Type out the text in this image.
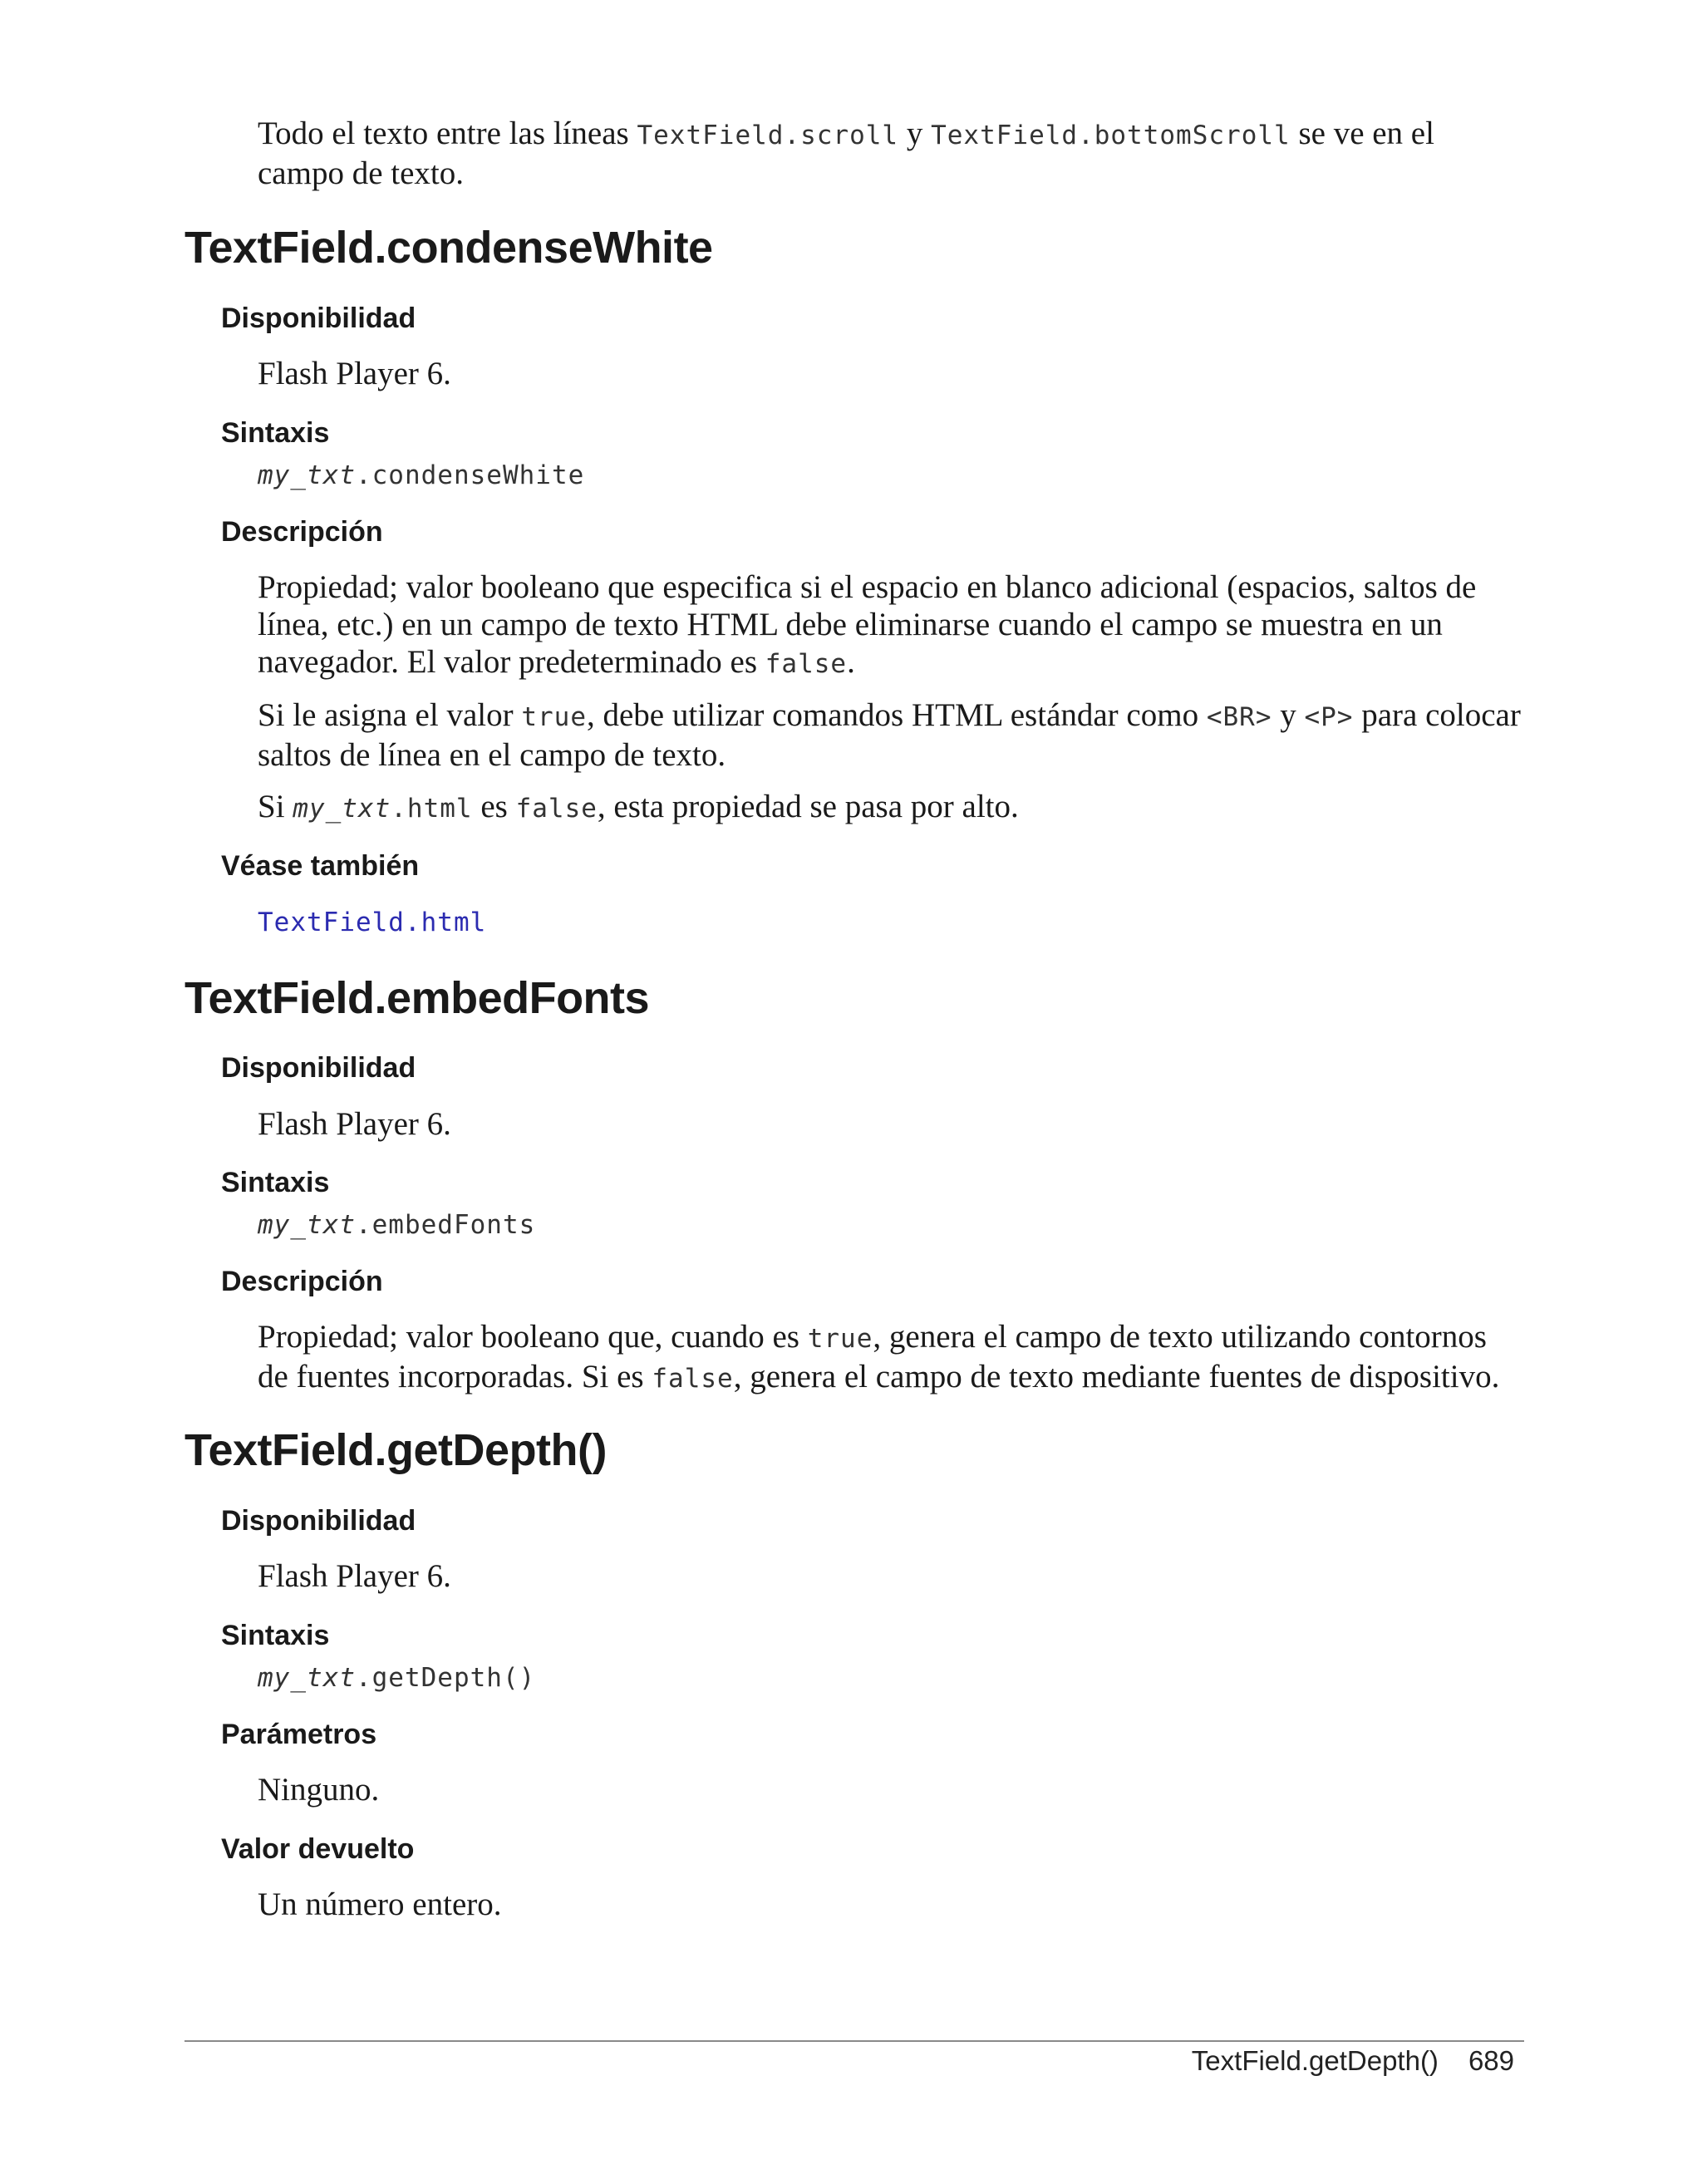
Todo el texto entre las líneas TextField.scroll y TextField.bottomScroll se ve en el campo de texto.
TextField.condenseWhite
Disponibilidad
Flash Player 6.
Sintaxis
my_txt.condenseWhite
Descripción
Propiedad; valor booleano que especifica si el espacio en blanco adicional (espacios, saltos de línea, etc.) en un campo de texto HTML debe eliminarse cuando el campo se muestra en un navegador. El valor predeterminado es false.
Si le asigna el valor true, debe utilizar comandos HTML estándar como <BR> y <P> para colocar saltos de línea en el campo de texto.
Si my_txt.html es false, esta propiedad se pasa por alto.
Véase también
TextField.html
TextField.embedFonts
Disponibilidad
Flash Player 6.
Sintaxis
my_txt.embedFonts
Descripción
Propiedad; valor booleano que, cuando es true, genera el campo de texto utilizando contornos de fuentes incorporadas. Si es false, genera el campo de texto mediante fuentes de dispositivo.
TextField.getDepth()
Disponibilidad
Flash Player 6.
Sintaxis
my_txt.getDepth()
Parámetros
Ninguno.
Valor devuelto
Un número entero.
TextField.getDepth() 689
